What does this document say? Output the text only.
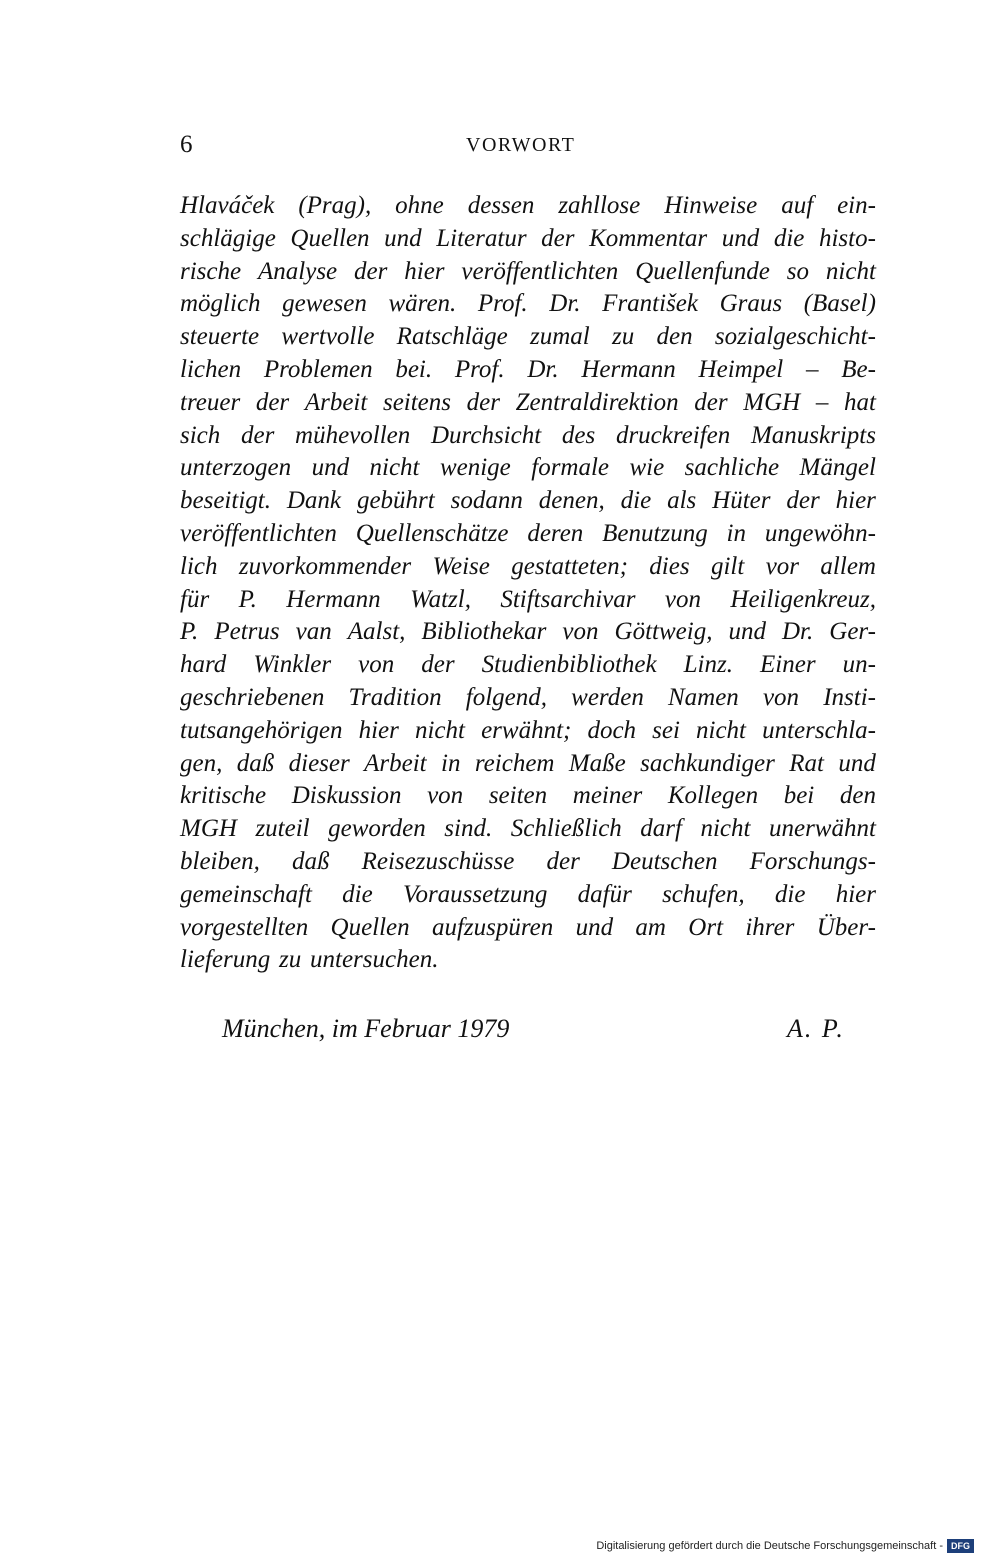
6	VORWORT
Hlaváček (Prag), ohne dessen zahllose Hinweise auf ein-
schlägige Quellen und Literatur der Kommentar und die histo-
rische Analyse der hier veröffentlichten Quellenfunde so nicht
möglich gewesen wären. Prof. Dr. František Graus (Basel)
steuerte wertvolle Ratschläge zumal zu den sozialgeschicht-
lichen Problemen bei. Prof. Dr. Hermann Heimpel – Be-
treuer der Arbeit seitens der Zentraldirektion der MGH – hat
sich der mühevollen Durchsicht des druckreifen Manuskripts
unterzogen und nicht wenige formale wie sachliche Mängel
beseitigt. Dank gebührt sodann denen, die als Hüter der hier
veröffentlichten Quellenschätze deren Benutzung in ungewöhn-
lich zuvorkommender Weise gestatteten; dies gilt vor allem
für P. Hermann Watzl, Stiftsarchivar von Heiligenkreuz,
P. Petrus van Aalst, Bibliothekar von Göttweig, und Dr. Ger-
hard Winkler von der Studienbibliothek Linz. Einer un-
geschriebenen Tradition folgend, werden Namen von Insti-
tutsangehörigen hier nicht erwähnt; doch sei nicht unterschla-
gen, daß dieser Arbeit in reichem Maße sachkundiger Rat und
kritische Diskussion von seiten meiner Kollegen bei den
MGH zuteil geworden sind. Schließlich darf nicht unerwähnt
bleiben, daß Reisezuschüsse der Deutschen Forschungs-
gemeinschaft die Voraussetzung dafür schufen, die hier
vorgestellten Quellen aufzuspüren und am Ort ihrer Über-
lieferung zu untersuchen.
München, im Februar 1979	A. P.
Digitalisierung gefördert durch die Deutsche Forschungsgemeinschaft - DFG
